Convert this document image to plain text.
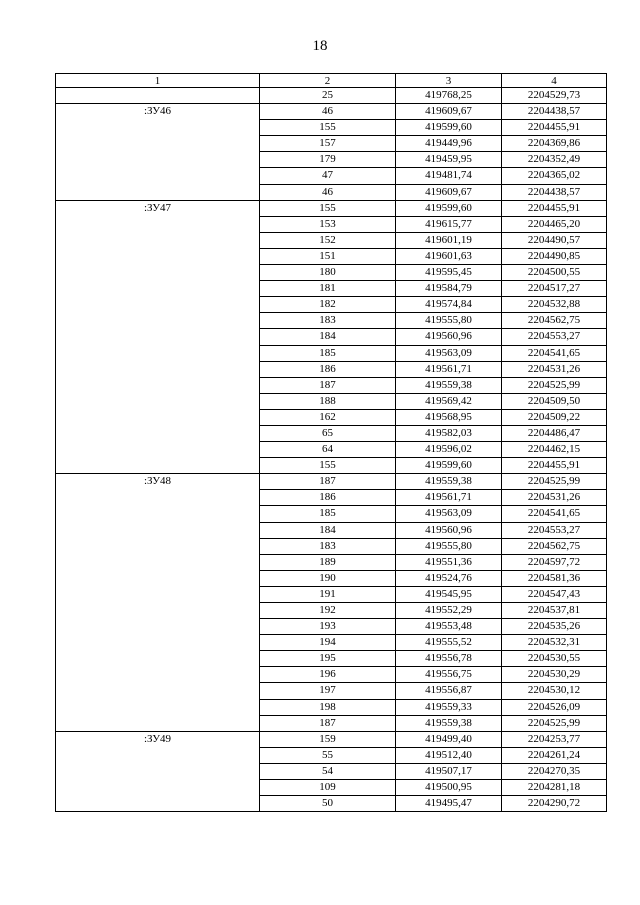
18
1	2	3	4
	25	419768,25	2204529,73
:ЗУ46	46	419609,67	2204438,57
	155	419599,60	2204455,91
	157	419449,96	2204369,86
	179	419459,95	2204352,49
	47	419481,74	2204365,02
	46	419609,67	2204438,57
:ЗУ47	155	419599,60	2204455,91
	153	419615,77	2204465,20
	152	419601,19	2204490,57
	151	419601,63	2204490,85
	180	419595,45	2204500,55
	181	419584,79	2204517,27
	182	419574,84	2204532,88
	183	419555,80	2204562,75
	184	419560,96	2204553,27
	185	419563,09	2204541,65
	186	419561,71	2204531,26
	187	419559,38	2204525,99
	188	419569,42	2204509,50
	162	419568,95	2204509,22
	65	419582,03	2204486,47
	64	419596,02	2204462,15
	155	419599,60	2204455,91
:ЗУ48	187	419559,38	2204525,99
	186	419561,71	2204531,26
	185	419563,09	2204541,65
	184	419560,96	2204553,27
	183	419555,80	2204562,75
	189	419551,36	2204597,72
	190	419524,76	2204581,36
	191	419545,95	2204547,43
	192	419552,29	2204537,81
	193	419553,48	2204535,26
	194	419555,52	2204532,31
	195	419556,78	2204530,55
	196	419556,75	2204530,29
	197	419556,87	2204530,12
	198	419559,33	2204526,09
	187	419559,38	2204525,99
:ЗУ49	159	419499,40	2204253,77
	55	419512,40	2204261,24
	54	419507,17	2204270,35
	109	419500,95	2204281,18
	50	419495,47	2204290,72
